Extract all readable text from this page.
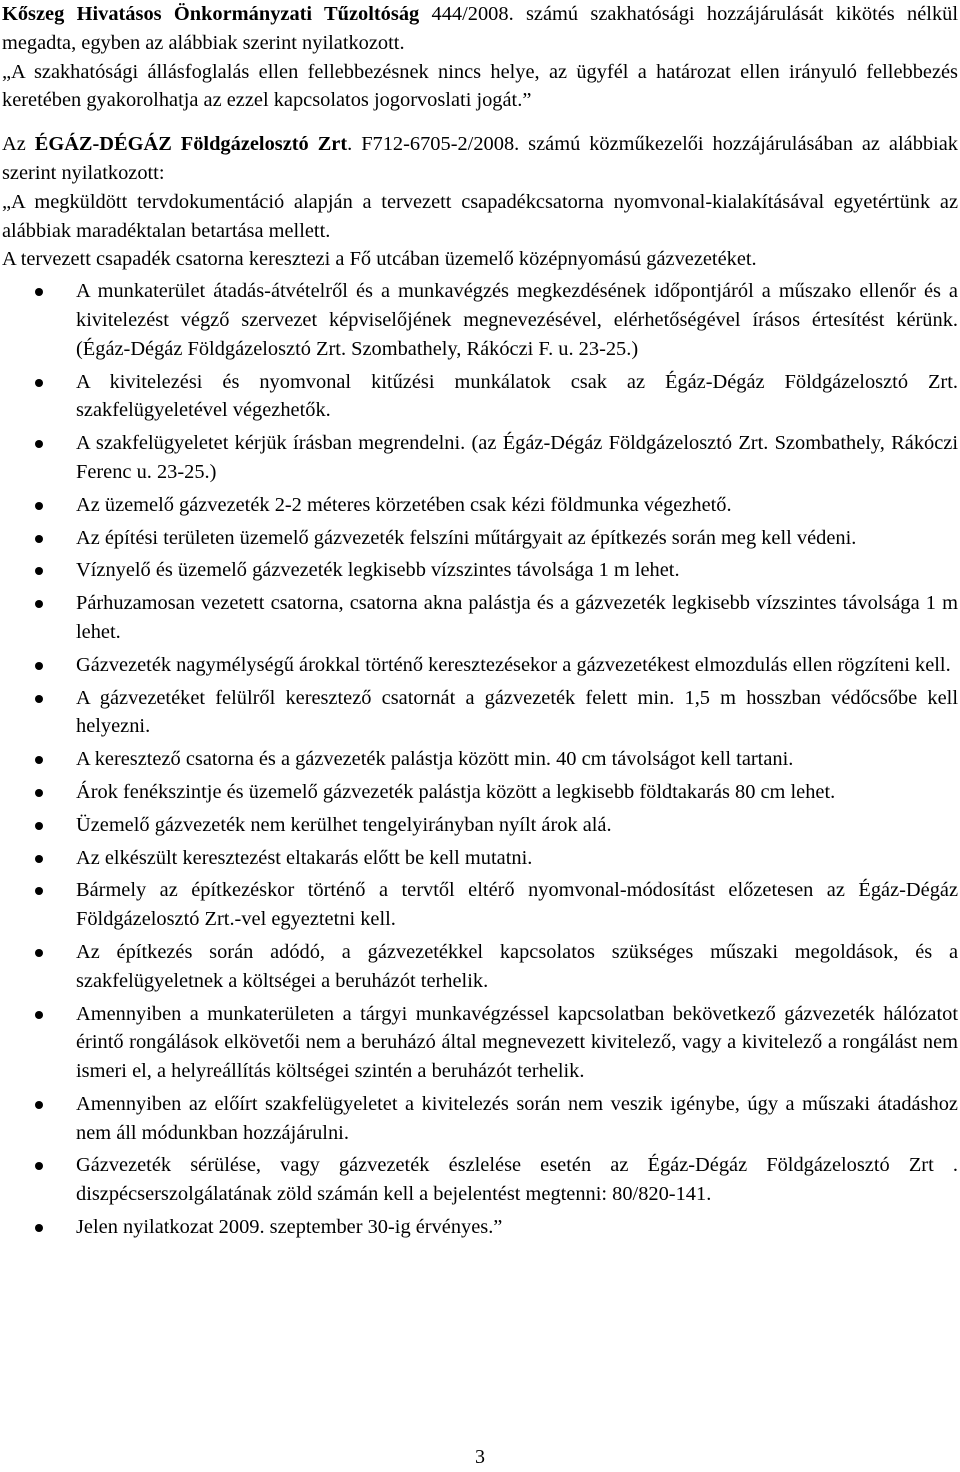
Kőszeg Hivatásos Önkormányzati Tűzoltóság 444/2008. számú szakhatósági hozzájárulását kikötés nélkül megadta, egyben az alábbiak szerint nyilatkozott.

„A szakhatósági állásfoglalás ellen fellebbezésnek nincs helye, az ügyfél a határozat ellen irányuló fellebbezés keretében gyakorolhatja az ezzel kapcsolatos jogorvoslati jogát.”

Az ÉGÁZ-DÉGÁZ Földgázelosztó Zrt. F712-6705-2/2008. számú közműkezelői hozzájárulásában az alábbiak szerint nyilatkozott:

„A megküldött tervdokumentáció alapján a tervezett csapadékcsatorna nyomvonal-kialakításával egyetértünk az alábbiak maradéktalan betartása mellett.

A tervezett csapadék csatorna keresztezi a Fő utcában üzemelő középnyomású gázvezetéket.

A munkaterület átadás-átvételről és a munkavégzés megkezdésének időpontjáról a műszako ellenőr és a kivitelezést végző szervezet képviselőjének megnevezésével, elérhetőségével írásos értesítést kérünk. (Égáz-Dégáz Földgázelosztó Zrt. Szombathely, Rákóczi F. u. 23-25.)
A kivitelezési és nyomvonal kitűzési munkálatok csak az Égáz-Dégáz Földgázelosztó Zrt. szakfelügyeletével végezhetők.
A szakfelügyeletet kérjük írásban megrendelni. (az Égáz-Dégáz Földgázelosztó Zrt. Szombathely, Rákóczi Ferenc u. 23-25.)
Az üzemelő gázvezeték 2-2 méteres körzetében csak kézi földmunka végezhető.
Az építési területen üzemelő gázvezeték felszíni műtárgyait az építkezés során meg kell védeni.
Víznyelő és üzemelő gázvezeték legkisebb vízszintes távolsága 1 m lehet.
Párhuzamosan vezetett csatorna, csatorna akna palástja és a gázvezeték legkisebb vízszintes távolsága 1 m lehet.
Gázvezeték nagymélységű árokkal történő keresztezésekor a gázvezetékest elmozdulás ellen rögzíteni kell.
A gázvezetéket felülről keresztező csatornát a gázvezeték felett min. 1,5 m hosszban védőcsőbe kell helyezni.
A keresztező csatorna és a gázvezeték palástja között min. 40 cm távolságot kell tartani.
Árok fenékszintje és üzemelő gázvezeték palástja között a legkisebb földtakarás 80 cm lehet.
Üzemelő gázvezeték nem kerülhet tengelyirányban nyílt árok alá.
Az elkészült keresztezést eltakarás előtt be kell mutatni.
Bármely az építkezéskor történő a tervtől eltérő nyomvonal-módosítást előzetesen az Égáz-Dégáz Földgázelosztó Zrt.-vel egyeztetni kell.
Az építkezés során adódó, a gázvezetékkel kapcsolatos szükséges műszaki megoldások, és a szakfelügyeletnek a költségei a beruházót terhelik.
Amennyiben a munkaterületen a tárgyi munkavégzéssel kapcsolatban bekövetkező gázvezeték hálózatot érintő rongálások elkövetői nem a beruházó által megnevezett kivitelező, vagy a kivitelező a rongálást nem ismeri el, a helyreállítás költségei szintén a beruházót terhelik.
Amennyiben az előírt szakfelügyeletet a kivitelezés során nem veszik igénybe, úgy a műszaki átadáshoz nem áll módunkban hozzájárulni.
Gázvezeték sérülése, vagy gázvezeték észlelése esetén az Égáz-Dégáz Földgázelosztó Zrt . diszpécserszolgálatának zöld számán kell a bejelentést megtenni: 80/820-141.
Jelen nyilatkozat 2009. szeptember 30-ig érvényes.”
3
